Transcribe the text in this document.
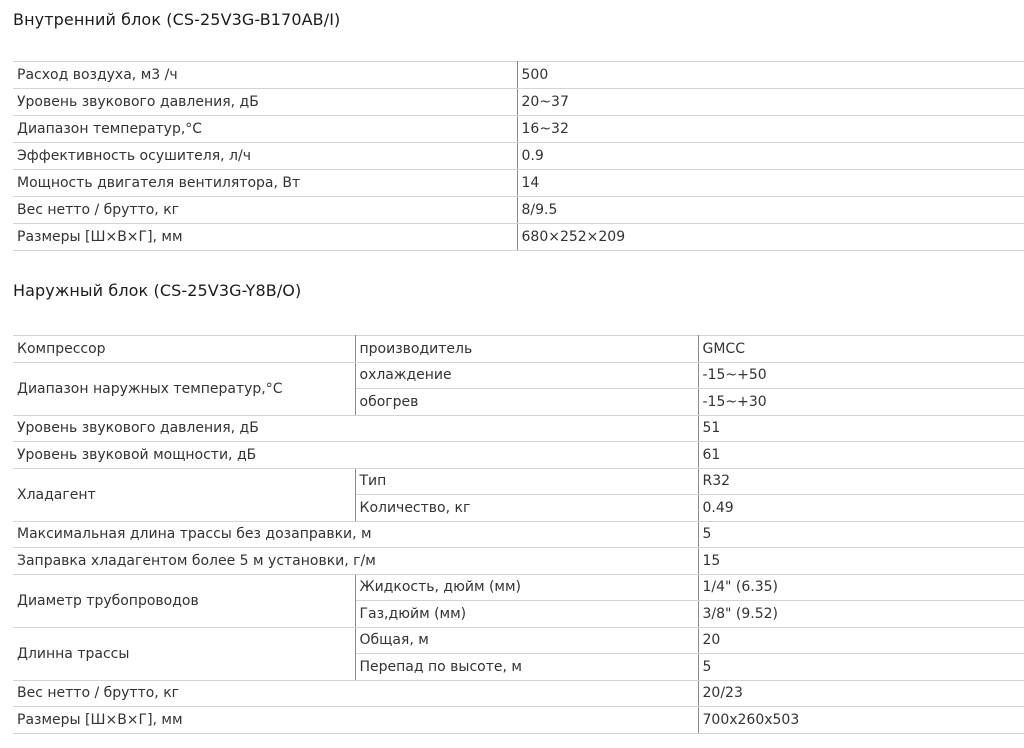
Внутренний блок (CS-25V3G-B170AB/I)
Расход воздуха, м3 /ч	500
Уровень звукового давления, дБ	20~37
Диапазон температур,°С	16~32
Эффективность осушителя, л/ч	0.9
Мощность двигателя вентилятора, Вт	14
Вес нетто / брутто, кг	8/9.5
Размеры [Ш×В×Г], мм	680×252×209
Наружный блок (CS-25V3G-Y8B/O)
Компрессор	производитель	GMCC
Диапазон наружных температур,°С	охлаждение	-15~+50
	обогрев	-15~+30
Уровень звукового давления, дБ		51
Уровень звуковой мощности, дБ		61
Хладагент	Тип	R32
	Количество, кг	0.49
Максимальная длина трассы без дозаправки, м		5
Заправка хладагентом более 5 м установки, г/м		15
Диаметр трубопроводов	Жидкость, дюйм (мм)	1/4" (6.35)
	Газ,дюйм (мм)	3/8" (9.52)
Длинна трассы	Общая, м	20
	Перепад по высоте, м	5
Вес нетто / брутто, кг		20/23
Размеры [Ш×В×Г], мм		700x260x503
